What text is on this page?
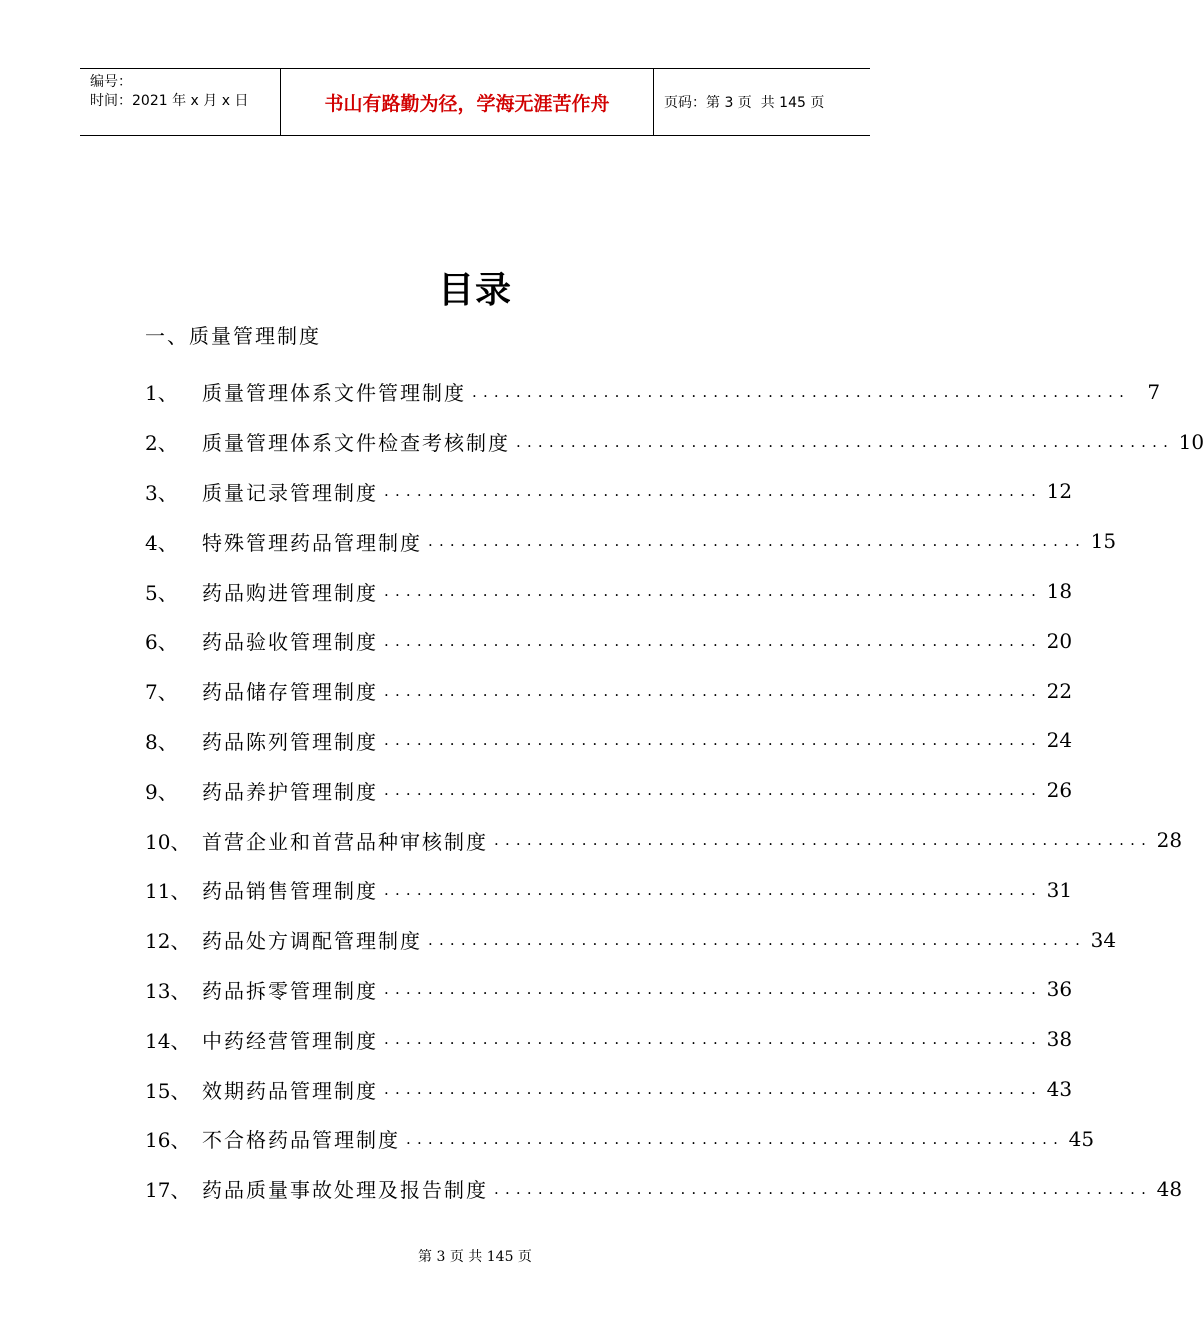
编号：
时间：2021 年 x 月 x 日	书山有路勤为径，学海无涯苦作舟	页码：第 3 页  共 145 页
目录
一、质量管理制度
1、	质量管理体系文件管理制度 ............................................................ 7
2、	质量管理体系文件检查考核制度 ............................................................ 10
3、	质量记录管理制度 ............................................................ 12
4、	特殊管理药品管理制度 ............................................................ 15
5、	药品购进管理制度 ............................................................ 18
6、	药品验收管理制度 ............................................................ 20
7、	药品储存管理制度 ............................................................ 22
8、	药品陈列管理制度 ............................................................ 24
9、	药品养护管理制度 ............................................................ 26
10、 首营企业和首营品种审核制度 ............................................................ 28
11、 药品销售管理制度 ............................................................ 31
12、 药品处方调配管理制度 ............................................................ 34
13、 药品拆零管理制度 ............................................................ 36
14、 中药经营管理制度 ............................................................ 38
15、 效期药品管理制度 ............................................................ 43
16、 不合格药品管理制度 ............................................................ 45
17、 药品质量事故处理及报告制度 ............................................................ 48
第 3 页 共 145 页
